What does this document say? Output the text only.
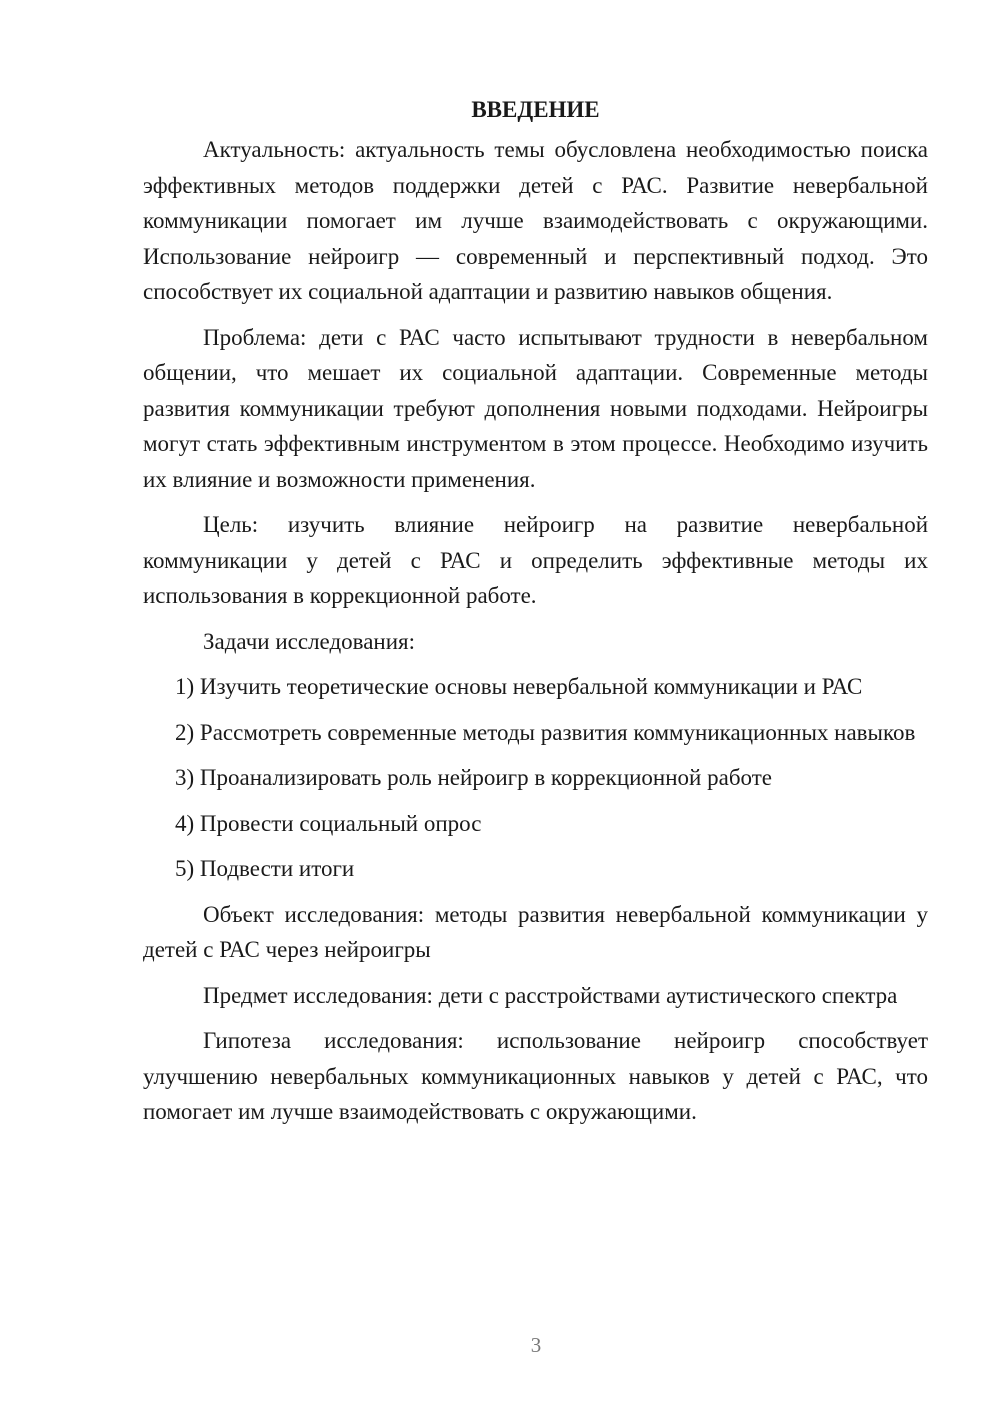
ВВЕДЕНИЕ

Актуальность: актуальность темы обусловлена необходимостью поиска эффективных методов поддержки детей с РАС. Развитие невербальной коммуникации помогает им лучше взаимодействовать с окружающими. Использование нейроигр — современный и перспективный подход. Это способствует их социальной адаптации и развитию навыков общения.

Проблема: дети с РАС часто испытывают трудности в невербальном общении, что мешает их социальной адаптации. Современные методы развития коммуникации требуют дополнения новыми подходами. Нейроигры могут стать эффективным инструментом в этом процессе. Необходимо изучить их влияние и возможности применения.

Цель: изучить влияние нейроигр на развитие невербальной коммуникации у детей с РАС и определить эффективные методы их использования в коррекционной работе.

Задачи исследования:

1) Изучить теоретические основы невербальной коммуникации и РАС

2) Рассмотреть современные методы развития коммуникационных навыков

3) Проанализировать роль нейроигр в коррекционной работе

4) Провести социальный опрос

5) Подвести итоги

Объект исследования: методы развития невербальной коммуникации у детей с РАС через нейроигры

Предмет исследования: дети с расстройствами аутистического спектра

Гипотеза исследования: использование нейроигр способствует улучшению невербальных коммуникационных навыков у детей с РАС, что помогает им лучше взаимодействовать с окружающими.

3
